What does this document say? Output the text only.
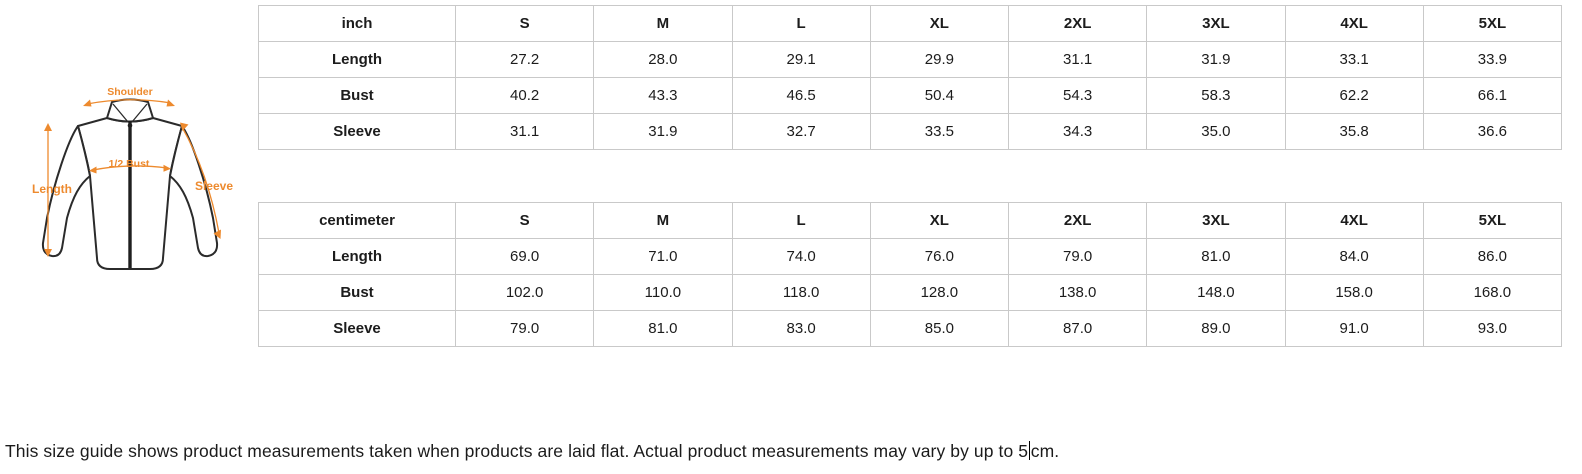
Shoulder
Length
1/2 Bust
Sleeve
inch	S	M	L	XL	2XL	3XL	4XL	5XL
Length	27.2	28.0	29.1	29.9	31.1	31.9	33.1	33.9
Bust	40.2	43.3	46.5	50.4	54.3	58.3	62.2	66.1
Sleeve	31.1	31.9	32.7	33.5	34.3	35.0	35.8	36.6
centimeter	S	M	L	XL	2XL	3XL	4XL	5XL
Length	69.0	71.0	74.0	76.0	79.0	81.0	84.0	86.0
Bust	102.0	110.0	118.0	128.0	138.0	148.0	158.0	168.0
Sleeve	79.0	81.0	83.0	85.0	87.0	89.0	91.0	93.0
This size guide shows product measurements taken when products are laid flat. Actual product measurements may vary by up to 5 cm.
